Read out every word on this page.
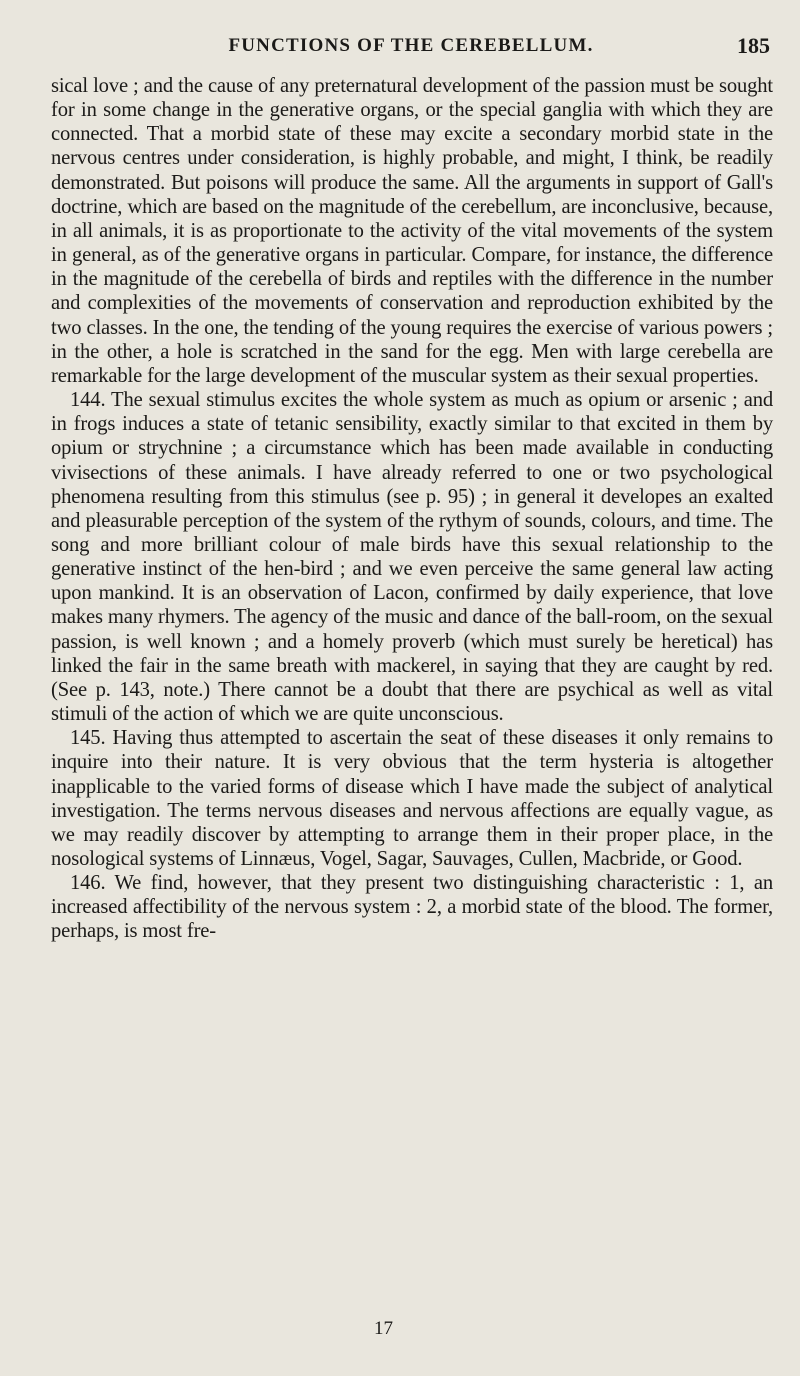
FUNCTIONS OF THE CEREBELLUM.	185

sical love ; and the cause of any preternatural development of the passion must be sought for in some change in the generative organs, or the special ganglia with which they are connected. That a morbid state of these may excite a secondary morbid state in the nervous centres under consideration, is highly probable, and might, I think, be readily demonstrated. But poisons will produce the same. All the arguments in support of Gall's doctrine, which are based on the magnitude of the cerebellum, are inconclusive, because, in all animals, it is as proportionate to the activity of the vital movements of the system in general, as of the generative organs in particular. Compare, for instance, the difference in the magnitude of the cerebella of birds and reptiles with the difference in the number and complexities of the movements of conservation and reproduction exhibited by the two classes. In the one, the tending of the young requires the exercise of various powers ; in the other, a hole is scratched in the sand for the egg. Men with large cerebella are remarkable for the large development of the muscular system as their sexual properties.

144. The sexual stimulus excites the whole system as much as opium or arsenic ; and in frogs induces a state of tetanic sensibility, exactly similar to that excited in them by opium or strychnine ; a circumstance which has been made available in conducting vivisections of these animals. I have already referred to one or two psychological phenomena resulting from this stimulus (see p. 95) ; in general it developes an exalted and pleasurable perception of the system of the rythym of sounds, colours, and time. The song and more brilliant colour of male birds have this sexual relationship to the generative instinct of the hen-bird ; and we even perceive the same general law acting upon mankind. It is an observation of Lacon, confirmed by daily experience, that love makes many rhymers. The agency of the music and dance of the ball-room, on the sexual passion, is well known ; and a homely proverb (which must surely be heretical) has linked the fair in the same breath with mackerel, in saying that they are caught by red. (See p. 143, note.) There cannot be a doubt that there are psychical as well as vital stimuli of the action of which we are quite unconscious.

145. Having thus attempted to ascertain the seat of these diseases it only remains to inquire into their nature. It is very obvious that the term hysteria is altogether inapplicable to the varied forms of disease which I have made the subject of analytical investigation. The terms nervous diseases and nervous affections are equally vague, as we may readily discover by attempting to arrange them in their proper place, in the nosological systems of Linnæus, Vogel, Sagar, Sauvages, Cullen, Macbride, or Good.

146. We find, however, that they present two distinguishing characteristic : 1, an increased affectibility of the nervous system : 2, a morbid state of the blood. The former, perhaps, is most fre-

17
